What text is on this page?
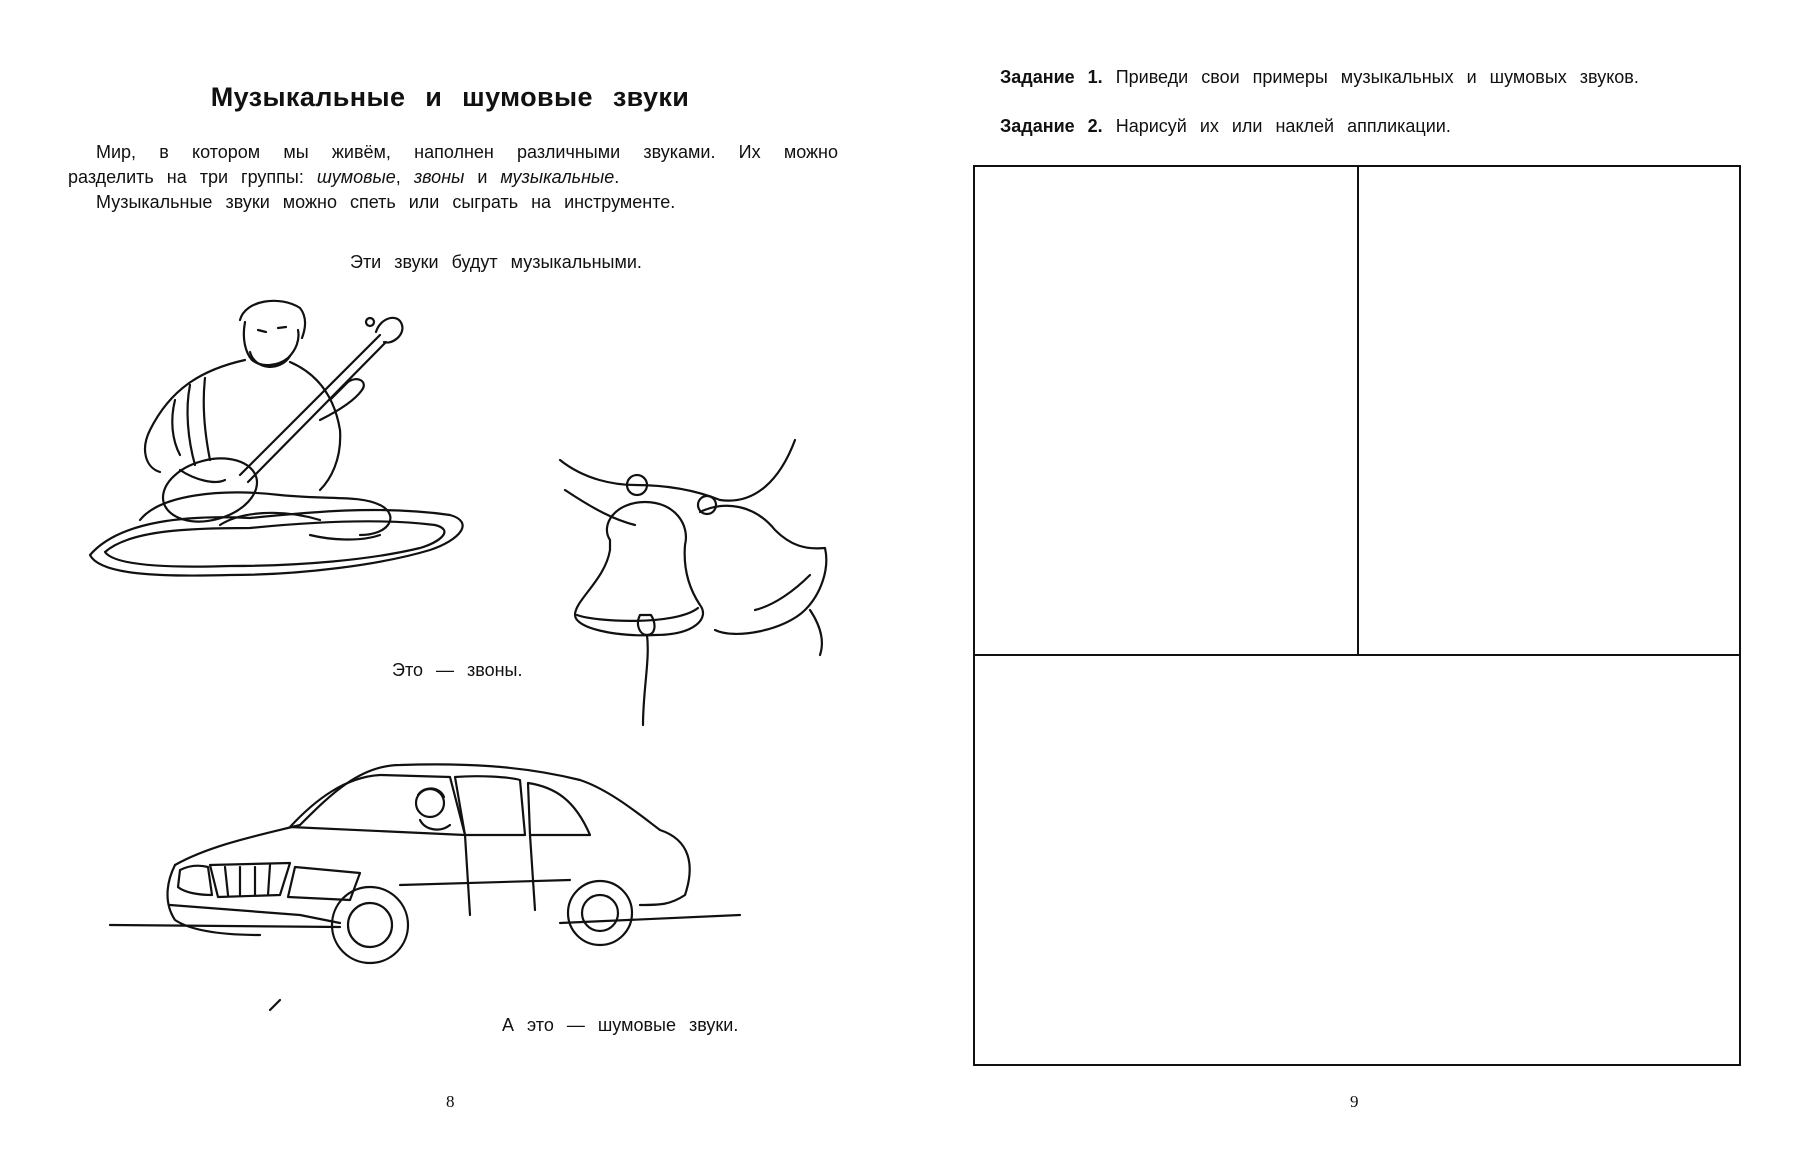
Музыкальные и шумовые звуки

Мир, в котором мы живём, наполнен различными звуками. Их можно разделить на три группы: шумовые, звоны и музыкальные.

Музыкальные звуки можно спеть или сыграть на инструменте.

Эти звуки будут музыкальными.

Это — звоны.

А это — шумовые звуки.

8

Задание 1. Приведи свои примеры музыкальных и шумовых звуков.

Задание 2. Нарисуй их или наклей аппликации.

9
